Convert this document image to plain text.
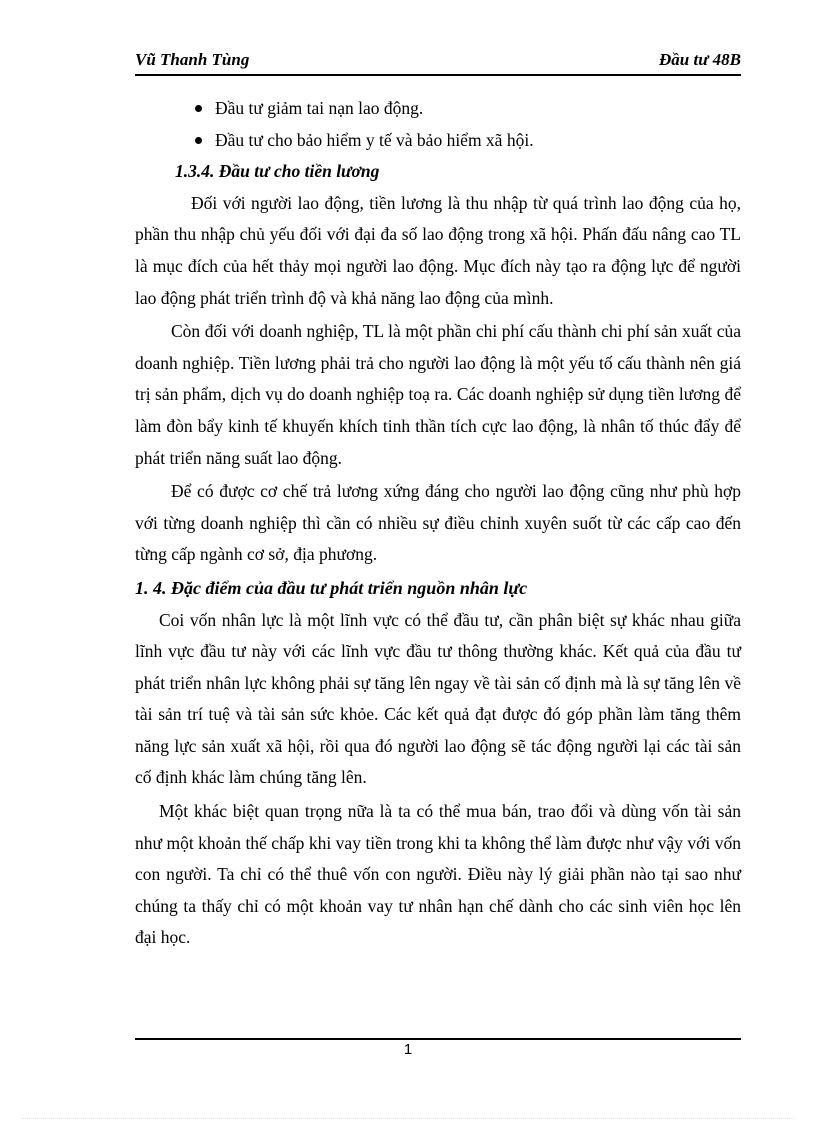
Vũ Thanh Tùng	Đầu tư 48B
Đầu tư giảm tai nạn lao động.
Đầu tư cho bảo hiểm y tế và bảo hiểm xã hội.

1.3.4. Đầu tư cho tiền lương

Đối với người lao động, tiền lương là thu nhập từ quá trình lao động của họ, phần thu nhập chủ yếu đối với đại đa số lao động trong xã hội. Phấn đấu nâng cao TL là mục đích của hết thảy mọi người lao động. Mục đích này tạo ra động lực để người lao động phát triển trình độ và khả năng lao động của mình.

Còn đối với doanh nghiệp, TL là một phần chi phí cấu thành chi phí sản xuất của doanh nghiệp. Tiền lương phải trả cho người lao động là một yếu tố cấu thành nên giá trị sản phẩm, dịch vụ do doanh nghiệp toạ ra. Các doanh nghiệp sử dụng tiền lương để làm đòn bẩy kinh tế khuyến khích tinh thần tích cực lao động, là nhân tố thúc đẩy để phát triển năng suất lao động.

Để có được cơ chế trả lương xứng đáng cho người lao động cũng như phù hợp với từng doanh nghiệp thì cần có nhiều sự điều chỉnh xuyên suốt từ các cấp cao đến từng cấp ngành cơ sở, địa phương.

1. 4. Đặc điểm của đầu tư phát triển nguồn nhân lực

Coi vốn nhân lực là một lĩnh vực có thể đầu tư, cần phân biệt sự khác nhau giữa lĩnh vực đầu tư này với các lĩnh vực đầu tư thông thường khác. Kết quả của đầu tư phát triển nhân lực không phải sự tăng lên ngay về tài sản cố định mà là sự tăng lên về tài sản trí tuệ và tài sản sức khỏe. Các kết quả đạt được đó góp phần làm tăng thêm năng lực sản xuất xã hội, rồi qua đó người lao động sẽ tác động người lại các tài sản cố định khác làm chúng tăng lên.

Một khác biệt quan trọng nữa là ta có thể mua bán, trao đổi và dùng vốn tài sản như một khoản thế chấp khi vay tiền trong khi ta không thể làm được như vậy với vốn con người. Ta chỉ có thể thuê vốn con người. Điều này lý giải phần nào tại sao như chúng ta thấy chỉ có một khoản vay tư nhân hạn chế dành cho các sinh viên học lên đại học.

1
